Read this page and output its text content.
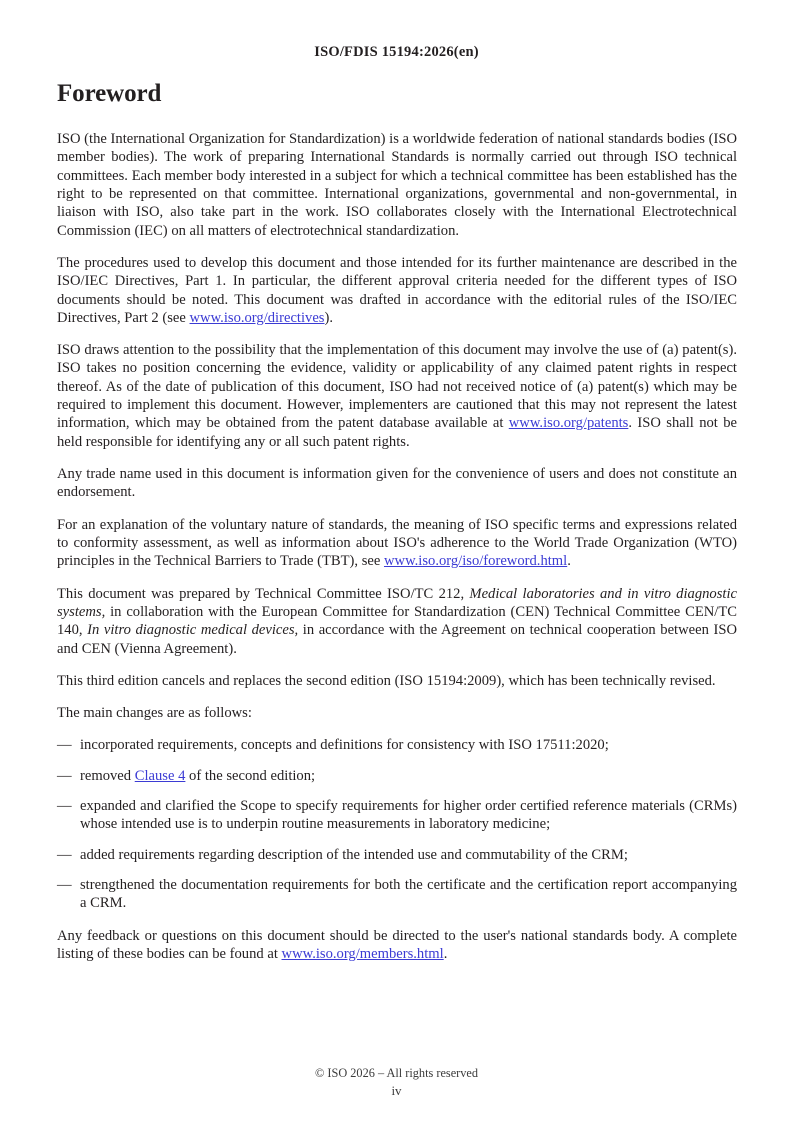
ISO/FDIS 15194:2026(en)
Foreword

ISO (the International Organization for Standardization) is a worldwide federation of national standards bodies (ISO member bodies). The work of preparing International Standards is normally carried out through ISO technical committees. Each member body interested in a subject for which a technical committee has been established has the right to be represented on that committee. International organizations, governmental and non-governmental, in liaison with ISO, also take part in the work. ISO collaborates closely with the International Electrotechnical Commission (IEC) on all matters of electrotechnical standardization.

The procedures used to develop this document and those intended for its further maintenance are described in the ISO/IEC Directives, Part 1. In particular, the different approval criteria needed for the different types of ISO documents should be noted. This document was drafted in accordance with the editorial rules of the ISO/IEC Directives, Part 2 (see www.iso.org/directives).

ISO draws attention to the possibility that the implementation of this document may involve the use of (a) patent(s). ISO takes no position concerning the evidence, validity or applicability of any claimed patent rights in respect thereof. As of the date of publication of this document, ISO had not received notice of (a) patent(s) which may be required to implement this document. However, implementers are cautioned that this may not represent the latest information, which may be obtained from the patent database available at www.iso.org/patents. ISO shall not be held responsible for identifying any or all such patent rights.

Any trade name used in this document is information given for the convenience of users and does not constitute an endorsement.

For an explanation of the voluntary nature of standards, the meaning of ISO specific terms and expressions related to conformity assessment, as well as information about ISO's adherence to the World Trade Organization (WTO) principles in the Technical Barriers to Trade (TBT), see www.iso.org/iso/foreword.html.

This document was prepared by Technical Committee ISO/TC 212, Medical laboratories and in vitro diagnostic systems, in collaboration with the European Committee for Standardization (CEN) Technical Committee CEN/TC 140, In vitro diagnostic medical devices, in accordance with the Agreement on technical cooperation between ISO and CEN (Vienna Agreement).

This third edition cancels and replaces the second edition (ISO 15194:2009), which has been technically revised.

The main changes are as follows:

— incorporated requirements, concepts and definitions for consistency with ISO 17511:2020;
— removed Clause 4 of the second edition;
— expanded and clarified the Scope to specify requirements for higher order certified reference materials (CRMs) whose intended use is to underpin routine measurements in laboratory medicine;
— added requirements regarding description of the intended use and commutability of the CRM;
— strengthened the documentation requirements for both the certificate and the certification report accompanying a CRM.

Any feedback or questions on this document should be directed to the user's national standards body. A complete listing of these bodies can be found at www.iso.org/members.html.

© ISO 2026 – All rights reserved
iv
